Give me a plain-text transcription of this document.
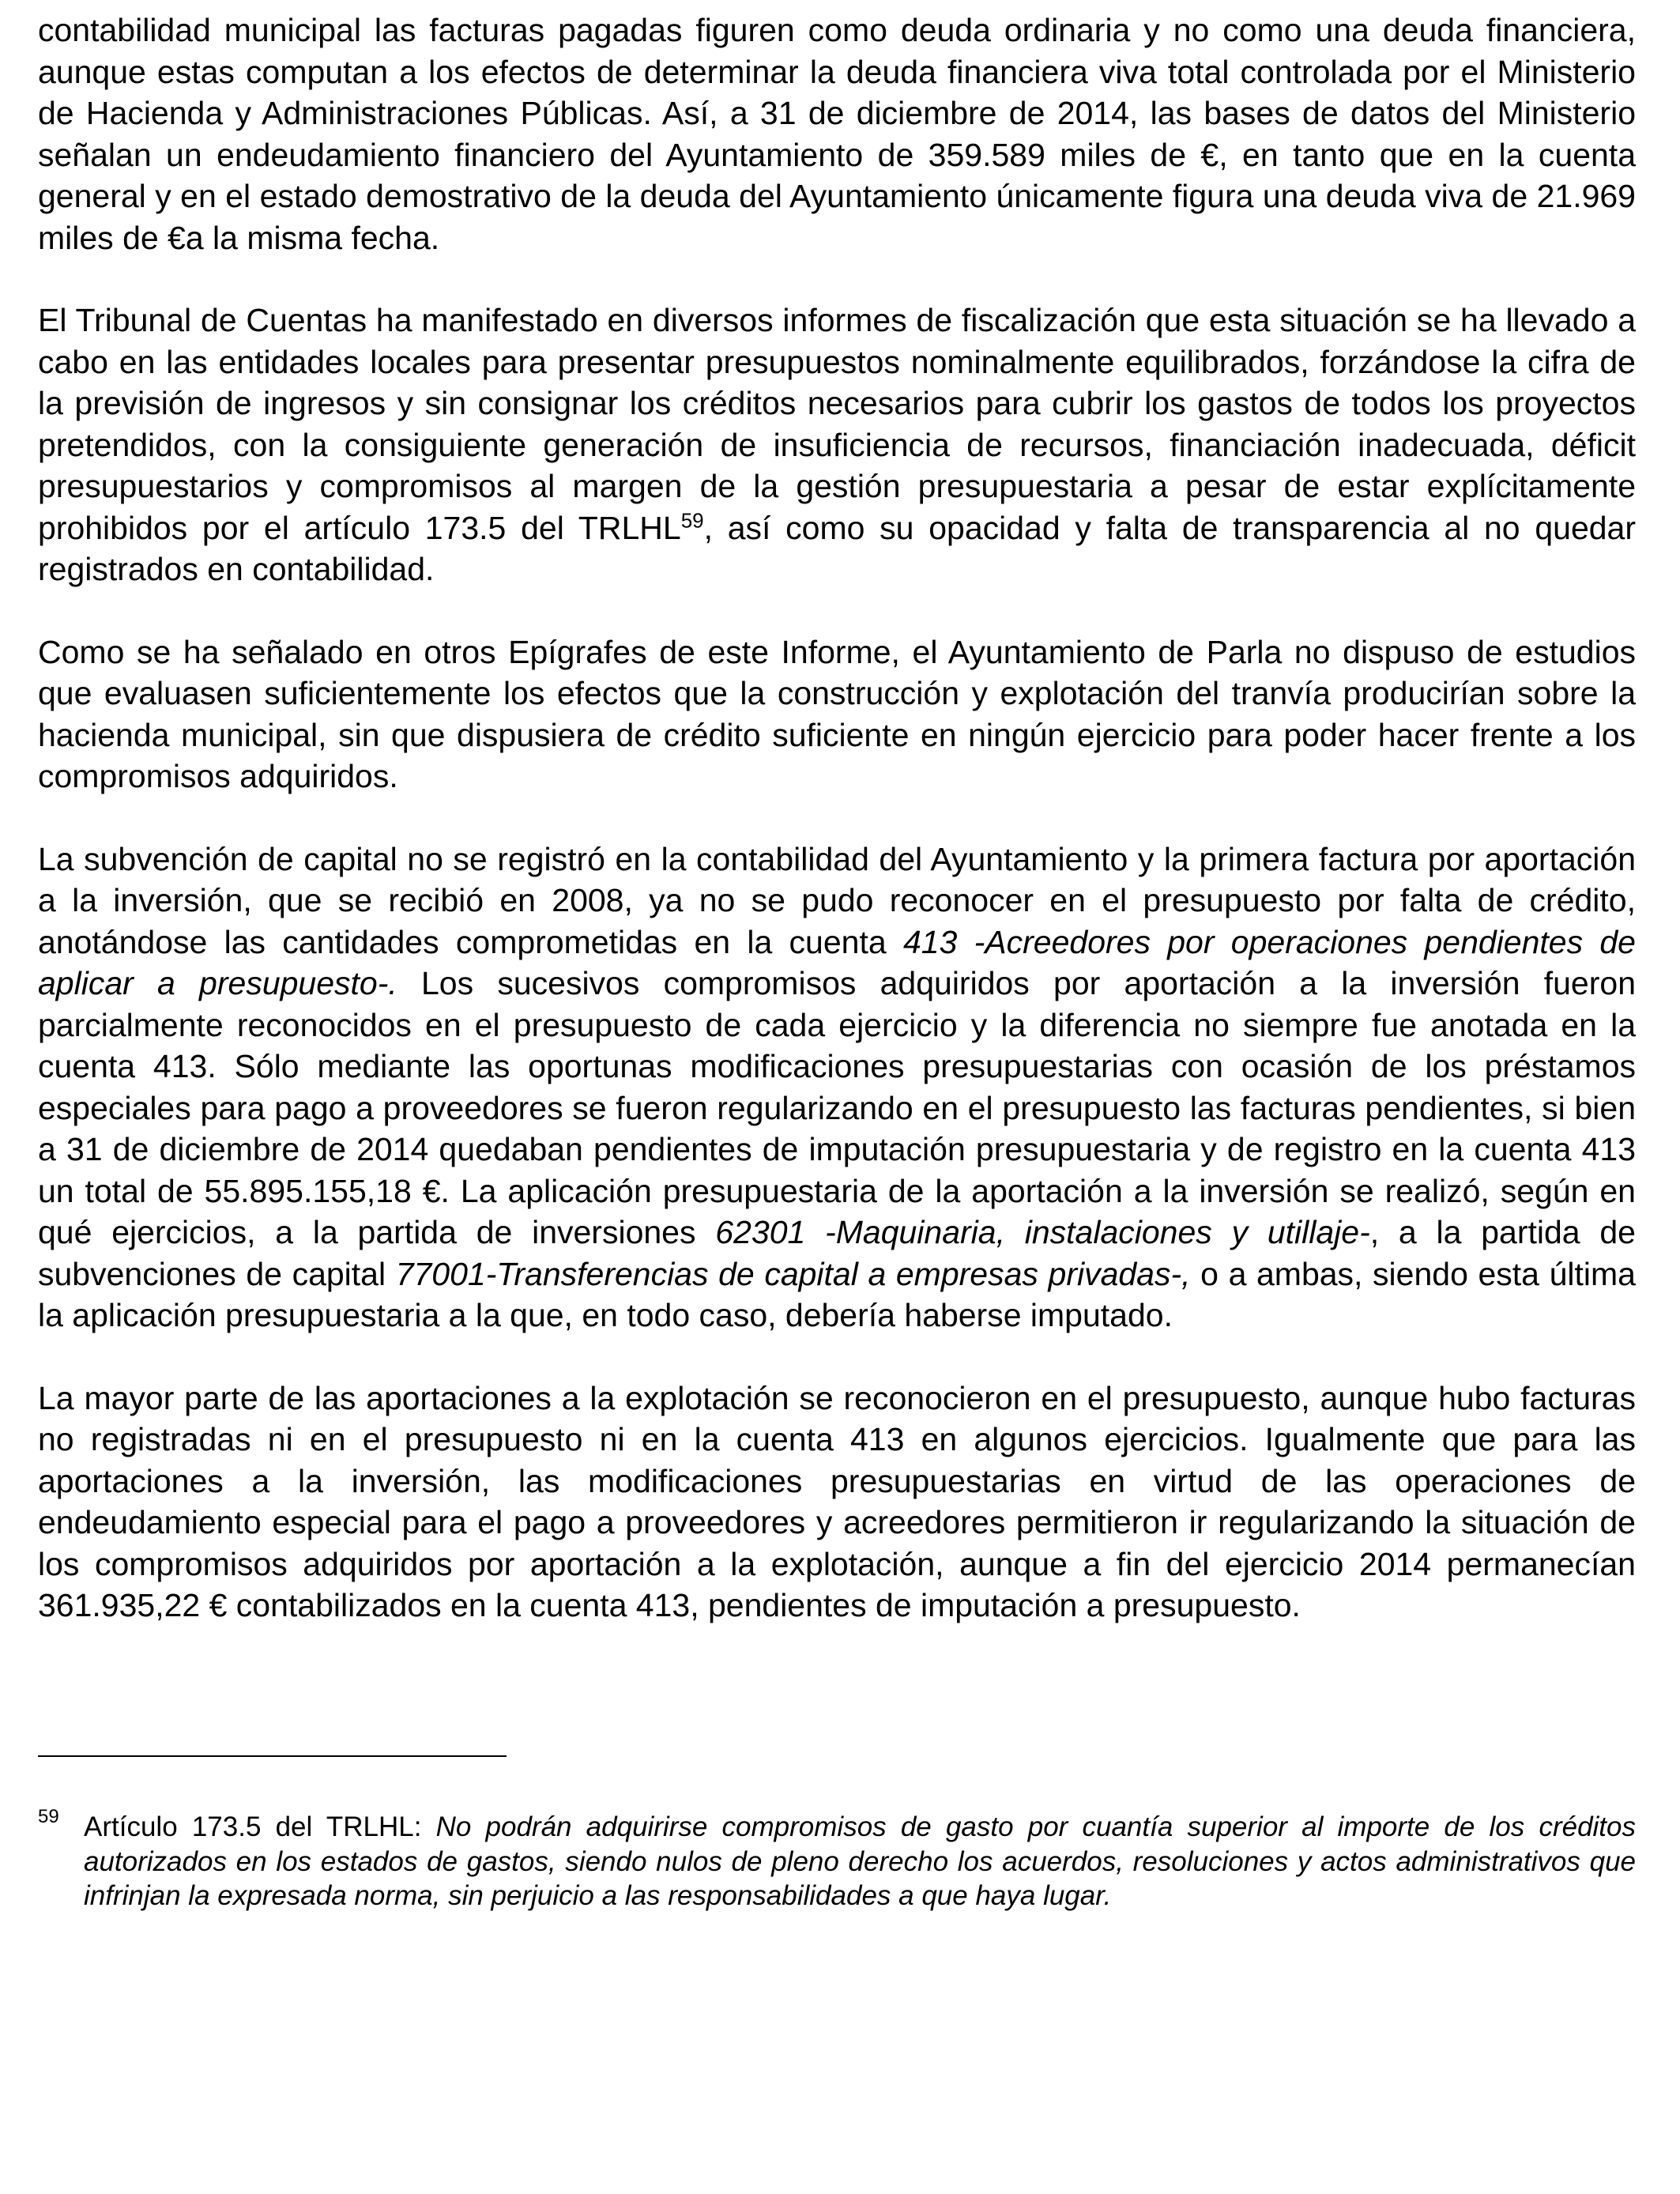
contabilidad municipal las facturas pagadas figuren como deuda ordinaria y no como una deuda financiera, aunque estas computan a los efectos de determinar la deuda financiera viva total controlada por el Ministerio de Hacienda y Administraciones Públicas. Así, a 31 de diciembre de 2014, las bases de datos del Ministerio señalan un endeudamiento financiero del Ayuntamiento de 359.589 miles de €, en tanto que en la cuenta general y en el estado demostrativo de la deuda del Ayuntamiento únicamente figura una deuda viva de 21.969 miles de €a la misma fecha.

El Tribunal de Cuentas ha manifestado en diversos informes de fiscalización que esta situación se ha llevado a cabo en las entidades locales para presentar presupuestos nominalmente equilibrados, forzándose la cifra de la previsión de ingresos y sin consignar los créditos necesarios para cubrir los gastos de todos los proyectos pretendidos, con la consiguiente generación de insuficiencia de recursos, financiación inadecuada, déficit presupuestarios y compromisos al margen de la gestión presupuestaria a pesar de estar explícitamente prohibidos por el artículo 173.5 del TRLHL$^{59}$, así como su opacidad y falta de transparencia al no quedar registrados en contabilidad.

Como se ha señalado en otros Epígrafes de este Informe, el Ayuntamiento de Parla no dispuso de estudios que evaluasen suficientemente los efectos que la construcción y explotación del tranvía producirían sobre la hacienda municipal, sin que dispusiera de crédito suficiente en ningún ejercicio para poder hacer frente a los compromisos adquiridos.

La subvención de capital no se registró en la contabilidad del Ayuntamiento y la primera factura por aportación a la inversión, que se recibió en 2008, ya no se pudo reconocer en el presupuesto por falta de crédito, anotándose las cantidades comprometidas en la cuenta 413 -Acreedores por operaciones pendientes de aplicar a presupuesto-. Los sucesivos compromisos adquiridos por aportación a la inversión fueron parcialmente reconocidos en el presupuesto de cada ejercicio y la diferencia no siempre fue anotada en la cuenta 413. Sólo mediante las oportunas modificaciones presupuestarias con ocasión de los préstamos especiales para pago a proveedores se fueron regularizando en el presupuesto las facturas pendientes, si bien a 31 de diciembre de 2014 quedaban pendientes de imputación presupuestaria y de registro en la cuenta 413 un total de 55.895.155,18 €. La aplicación presupuestaria de la aportación a la inversión se realizó, según en qué ejercicios, a la partida de inversiones 62301 -Maquinaria, instalaciones y utillaje-, a la partida de subvenciones de capital 77001-Transferencias de capital a empresas privadas-, o a ambas, siendo esta última la aplicación presupuestaria a la que, en todo caso, debería haberse imputado.

La mayor parte de las aportaciones a la explotación se reconocieron en el presupuesto, aunque hubo facturas no registradas ni en el presupuesto ni en la cuenta 413 en algunos ejercicios. Igualmente que para las aportaciones a la inversión, las modificaciones presupuestarias en virtud de las operaciones de endeudamiento especial para el pago a proveedores y acreedores permitieron ir regularizando la situación de los compromisos adquiridos por aportación a la explotación, aunque a fin del ejercicio 2014 permanecían 361.935,22 € contabilizados en la cuenta 413, pendientes de imputación a presupuesto.

59 Artículo 173.5 del TRLHL: No podrán adquirirse compromisos de gasto por cuantía superior al importe de los créditos autorizados en los estados de gastos, siendo nulos de pleno derecho los acuerdos, resoluciones y actos administrativos que infrinjan la expresada norma, sin perjuicio a las responsabilidades a que haya lugar.
